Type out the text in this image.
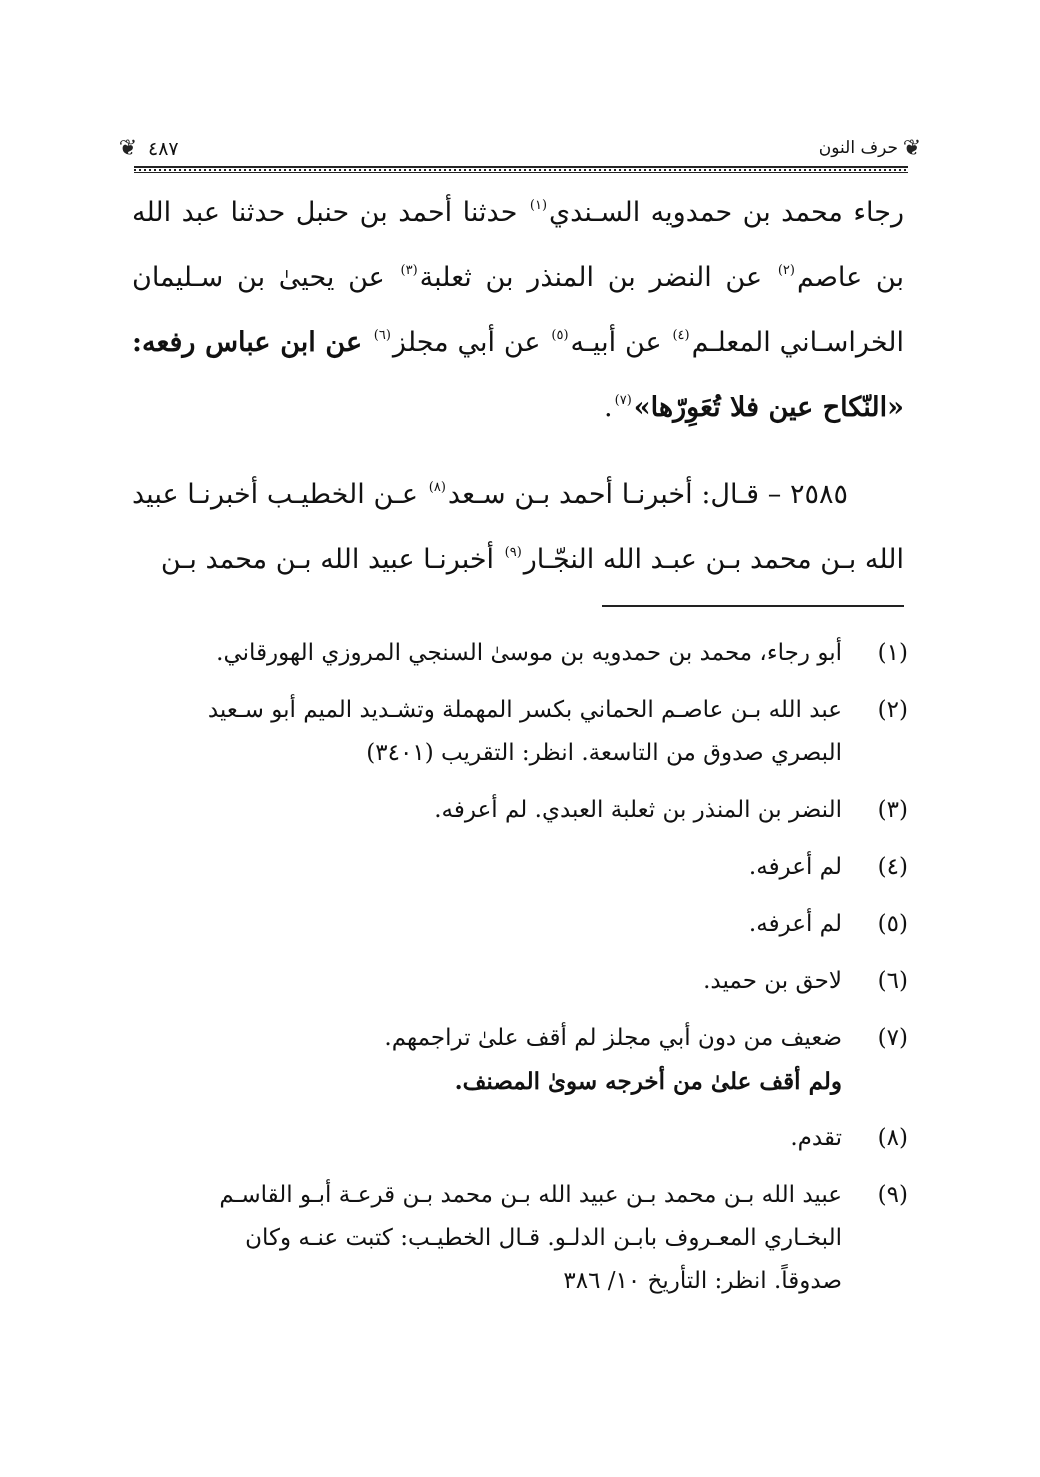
❦
حرف النون
٤٨٧
❦

رجاء محمد بن حمدويه السـندي$^{(١)}$ حدثنا أحمد بن حنبل حدثنا عبد الله بن عاصم$^{(٢)}$ عن النضر بن المنذر بن ثعلبة$^{(٣)}$ عن يحيىٰ بن سـليمان الخراسـاني المعلـم$^{(٤)}$ عن أبيـه$^{(٥)}$ عن أبي مجلز$^{(٦)}$ عن ابن عباس رفعه: «النّكاح عين فلا تُعَوِرّها»$^{(٧)}$.

٢٥٨٥ – قـال: أخبرنـا أحمد بـن سـعد$^{(٨)}$ عـن الخطيـب أخبرنـا عبيد الله بـن محمد بـن عبـد الله النجّـار$^{(٩)}$ أخبرنـا عبيد الله بـن محمد بـن

(١)
أبو رجاء، محمد بن حمدويه بن موسىٰ السنجي المروزي الهورقاني.
(٢)
عبد الله بـن عاصـم الحماني بكسر المهملة وتشـديد الميم أبو سـعيد
البصري صدوق من التاسعة. انظر: التقريب (٣٤٠١)
(٣)
النضر بن المنذر بن ثعلبة العبدي. لم أعرفه.
(٤)
لم أعرفه.
(٥)
لم أعرفه.
(٦)
لاحق بن حميد.
(٧)
ضعيف من دون أبي مجلز لم أقف علىٰ تراجمهم.
ولم أقف علىٰ من أخرجه سوىٰ المصنف.
(٨)
تقدم.
(٩)
عبيد الله بـن محمد بـن عبيد الله بـن محمد بـن قرعـة أبـو القاسـم
البخـاري المعـروف بابـن الدلـو. قـال الخطيـب: كتبت عنـه وكان
صدوقاً. انظر: التأريخ ١٠/ ٣٨٦
